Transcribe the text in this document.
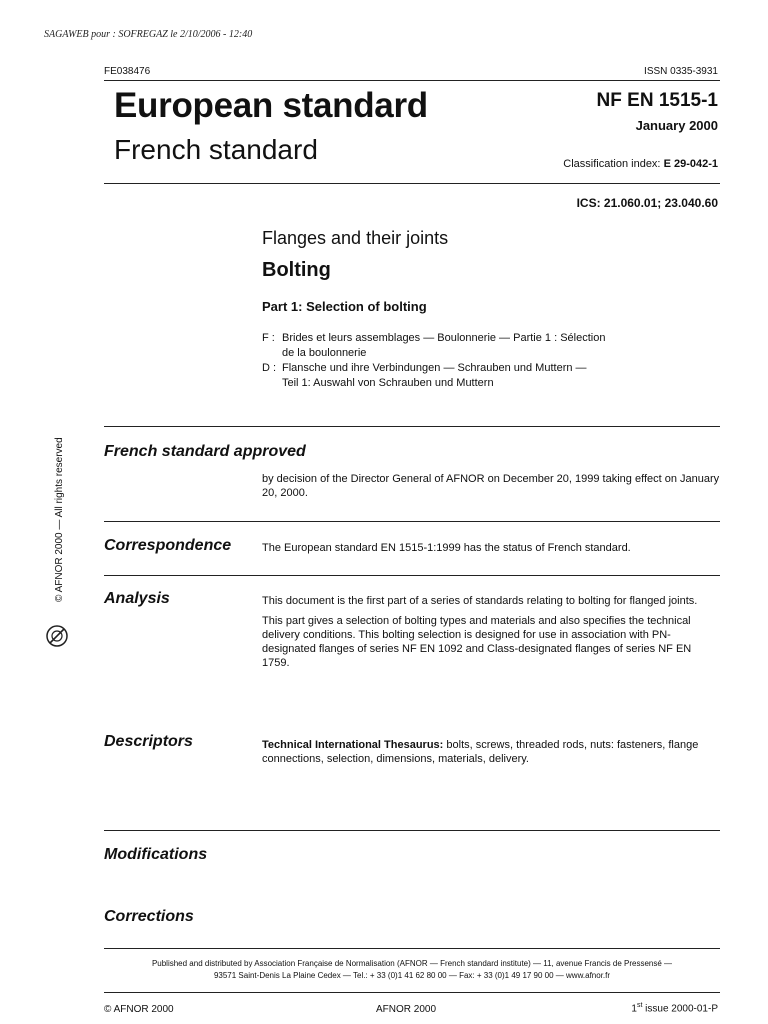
SAGAWEB pour : SOFREGAZ le 2/10/2006 - 12:40
FE038476	ISSN 0335-3931
European standard
French standard
NF EN 1515-1
January 2000
Classification index: E 29-042-1
ICS: 21.060.01; 23.040.60
Flanges and their joints
Bolting
Part 1: Selection of bolting
F : Brides et leurs assemblages — Boulonnerie — Partie 1 : Sélection
de la boulonnerie
D : Flansche und ihre Verbindungen — Schrauben und Muttern —
Teil 1: Auswahl von Schrauben und Muttern
French standard approved

by decision of the Director General of AFNOR on December 20, 1999 taking effect on January 20, 2000.

Correspondence	The European standard EN 1515-1:1999 has the status of French standard.

Analysis	This document is the first part of a series of standards relating to bolting for flanged joints.

This part gives a selection of bolting types and materials and also specifies the technical delivery conditions. This bolting selection is designed for use in association with PN-designated flanges of series NF EN 1092 and Class-designated flanges of series NF EN 1759.

Descriptors	Technical International Thesaurus: bolts, screws, threaded rods, nuts: fasteners, flange connections, selection, dimensions, materials, delivery.

Modifications
Corrections
Published and distributed by Association Française de Normalisation (AFNOR — French standard institute) — 11, avenue Francis de Pressensé —
93571 Saint-Denis La Plaine Cedex — Tel.: + 33 (0)1 41 62 80 00 — Fax: + 33 (0)1 49 17 90 00 — www.afnor.fr
© AFNOR 2000	AFNOR 2000	1st issue 2000-01-P
© AFNOR 2000 — All rights reserved
